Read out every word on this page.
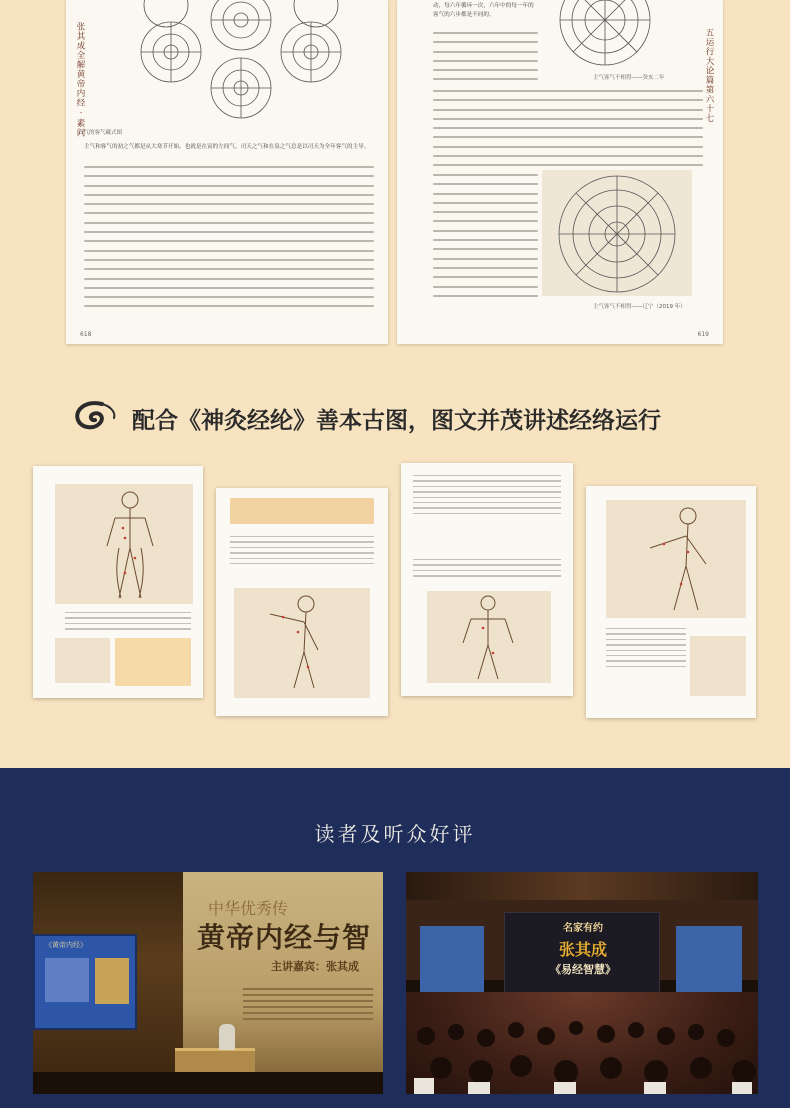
张其成全解黄帝内经 · 素问
六气的客气藏式图
主气和客气的初之气都是从大寒节开始，也就是在寅的左间气。司天之气和在泉之气总是以司天为全年客气的主导。
618
五运行大论篇第六十七
动，每六年循环一次，六年中的每一年的客气的六步都是不同的。
主气客气不相得——癸亥二年
主气客气不相得——辽宁（2019 年）
619
配合《神灸经纶》善本古图，图文并茂讲述经络运行
读者及听众好评
中华优秀传
黄帝内经与智
主讲嘉宾：张其成
《黄帝内经》
名家有约
张其成
《易经智慧》
